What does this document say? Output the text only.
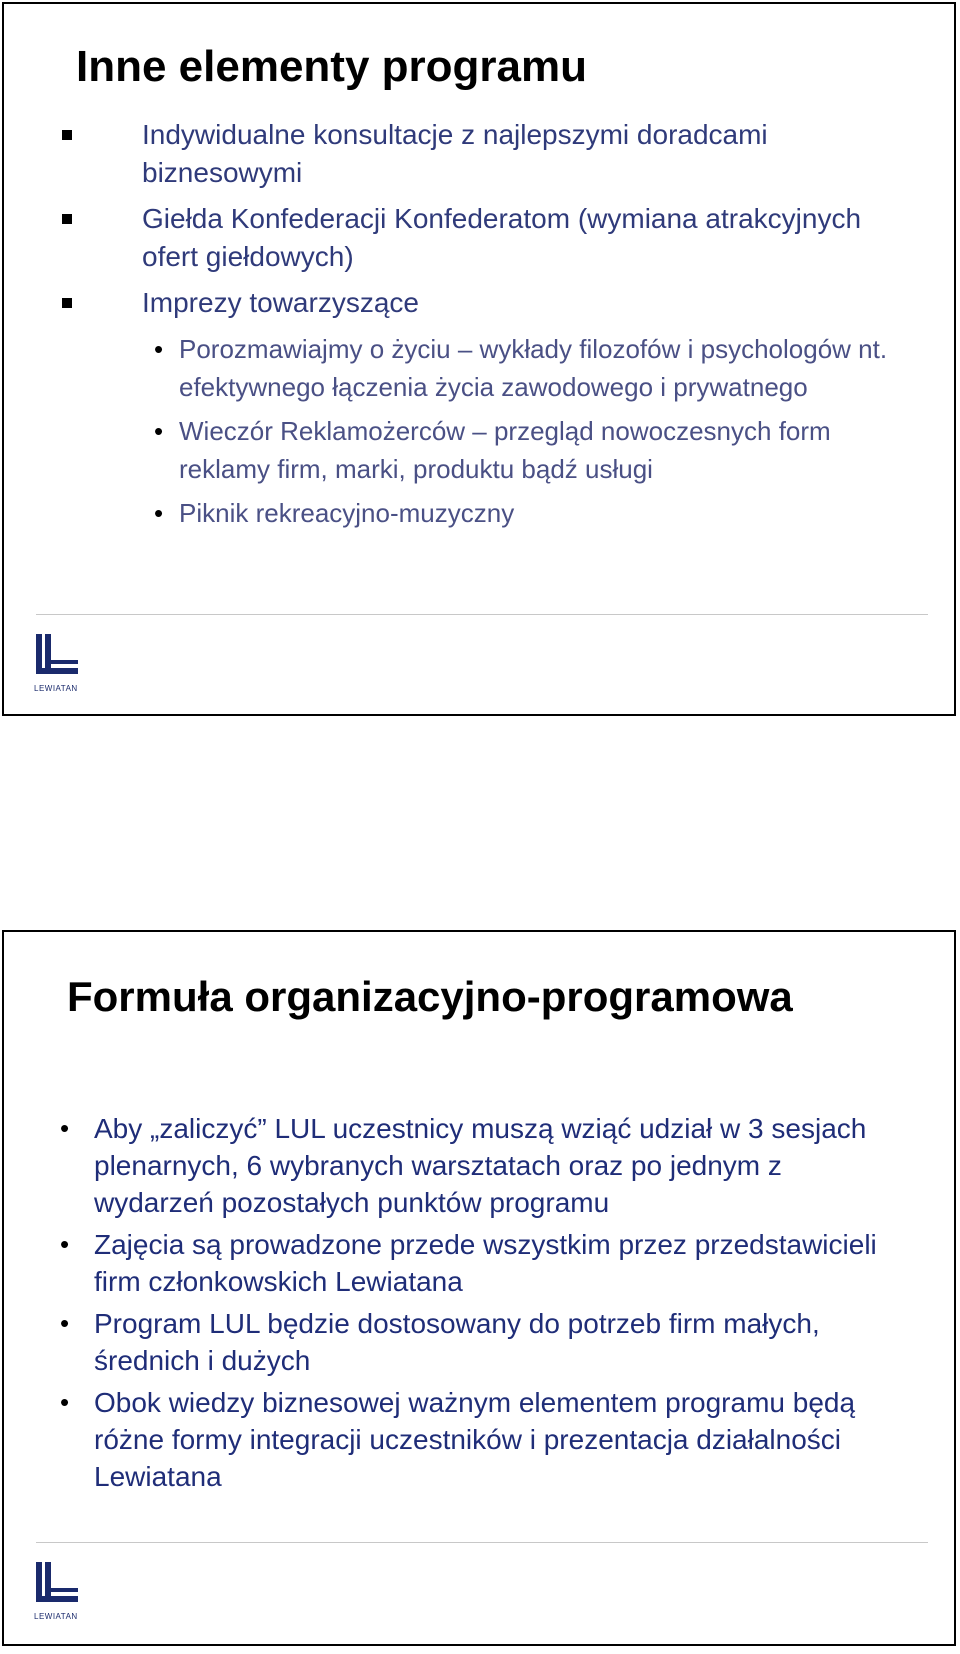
Inne elementy programu
Indywidualne konsultacje z najlepszymi doradcami biznesowymi
Giełda Konfederacji Konfederatom (wymiana atrakcyjnych ofert giełdowych)
Imprezy towarzyszące
• Porozmawiajmy o życiu – wykłady filozofów i psychologów nt. efektywnego łączenia życia zawodowego i prywatnego
• Wieczór Reklamożerców – przegląd nowoczesnych form reklamy firm, marki, produktu bądź usługi
• Piknik rekreacyjno-muzyczny
LEWIATAN
Formuła organizacyjno-programowa
• Aby „zaliczyć” LUL uczestnicy muszą wziąć udział w 3 sesjach plenarnych, 6 wybranych warsztatach oraz po jednym z wydarzeń pozostałych punktów programu
• Zajęcia są prowadzone przede wszystkim przez przedstawicieli firm członkowskich Lewiatana
• Program LUL będzie dostosowany do potrzeb firm małych, średnich i dużych
• Obok wiedzy biznesowej ważnym elementem programu będą różne formy integracji uczestników i prezentacja działalności Lewiatana
LEWIATAN
